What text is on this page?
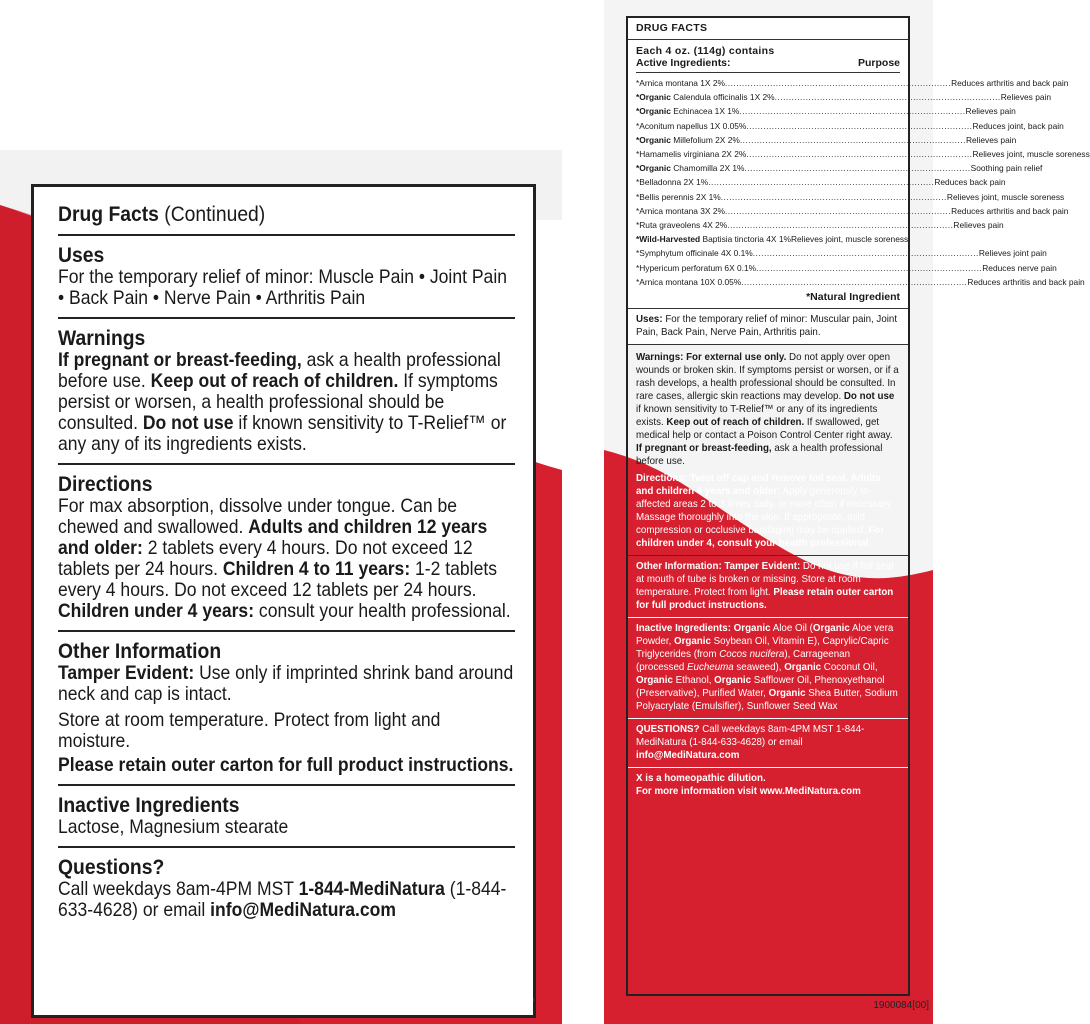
Drug Facts (Continued)
Uses
For the temporary relief of minor: Muscle Pain • Joint Pain • Back Pain • Nerve Pain • Arthritis Pain
Warnings
If pregnant or breast-feeding, ask a health professional before use. Keep out of reach of children. If symptoms persist or worsen, a health professional should be consulted. Do not use if known sensitivity to T-Relief™ or any any of its ingredients exists.
Directions
For max absorption, dissolve under tongue. Can be chewed and swallowed. Adults and children 12 years and older: 2 tablets every 4 hours. Do not exceed 12 tablets per 24 hours. Children 4 to 11 years: 1-2 tablets every 4 hours. Do not exceed 12 tablets per 24 hours. Children under 4 years: consult your health professional.
Other Information
Tamper Evident: Use only if imprinted shrink band around neck and cap is intact.
Store at room temperature. Protect from light and moisture.
Please retain outer carton for full product instructions.
Inactive Ingredients
Lactose, Magnesium stearate
Questions?
Call weekdays 8am-4PM MST 1-844-MediNatura (1-844-633-4628) or email info@MediNatura.com
6030847/0819
DRUG FACTS
Each 4 oz. (114g) contains
Active Ingredients:	Purpose
*Arnica montana 1X 2% ................................................................................ Reduces arthritis and back pain
*Organic Calendula officinalis 1X 2% ................................................................................ Relieves pain
*Organic Echinacea 1X 1% ................................................................................ Relieves pain
*Aconitum napellus 1X 0.05% ................................................................................ Reduces joint, back pain
*Organic Millefolium 2X 2% ................................................................................ Relieves pain
*Hamamelis virginiana 2X 2% ................................................................................ Relieves joint, muscle soreness
*Organic Chamomilla 2X 1% ................................................................................ Soothing pain relief
*Belladonna 2X 1% ................................................................................ Reduces back pain
*Bellis perennis 2X 1% ................................................................................ Relieves joint, muscle soreness
*Arnica montana 3X 2% ................................................................................ Reduces arthritis and back pain
*Ruta graveolens 4X 2% ................................................................................ Relieves pain
*Wild-Harvested Baptisia tinctoria 4X 1% Relieves joint, muscle soreness
*Symphytum officinale 4X 0.1% ................................................................................ Relieves joint pain
*Hypericum perforatum 6X 0.1% ................................................................................ Reduces nerve pain
*Arnica montana 10X 0.05% ................................................................................ Reduces arthritis and back pain
*Natural Ingredient
Uses: For the temporary relief of minor: Muscular pain, Joint Pain, Back Pain, Nerve Pain, Arthritis pain.
Warnings: For external use only. Do not apply over open wounds or broken skin. If symptoms persist or worsen, or if a rash develops, a health professional should be consulted. In rare cases, allergic skin reactions may develop. Do not use if known sensitivity to T-Relief™ or any of its ingredients exists. Keep out of reach of children. If swallowed, get medical help or contact a Poison Control Center right away. If pregnant or breast-feeding, ask a health professional before use.
Directions: Twist off cap and remove foil seal. Adults and children 4 years and older: Apply generously to affected areas 2 to 3 times daily, or more often if necessary. Massage thoroughly into the skin. If appropriate, mild compression or occlusive bandaging may be applied. For children under 4, consult your health professional.
Other Information: Tamper Evident: Do not use if foil seal at mouth of tube is broken or missing. Store at room temperature. Protect from light. Please retain outer carton for full product instructions.
Inactive Ingredients: Organic Aloe Oil (Organic Aloe vera Powder, Organic Soybean Oil, Vitamin E), Caprylic/Capric Triglycerides (from Cocos nucifera), Carrageenan (processed Eucheuma seaweed), Organic Coconut Oil, Organic Ethanol, Organic Safflower Oil, Phenoxyethanol (Preservative), Purified Water, Organic Shea Butter, Sodium Polyacrylate (Emulsifier), Sunflower Seed Wax
QUESTIONS? Call weekdays 8am-4PM MST 1-844-MediNatura (1-844-633-4628) or email info@MediNatura.com
X is a homeopathic dilution.
For more information visit www.MediNatura.com
1900084[00]
